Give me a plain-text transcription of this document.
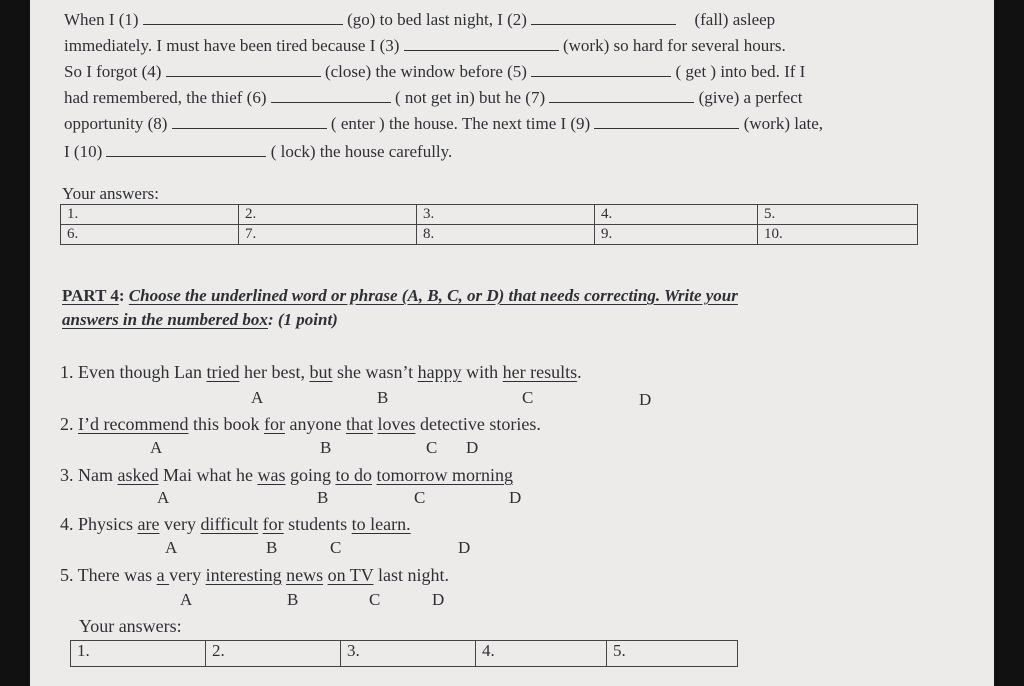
When I (1)	(go) to bed last night, I (2)	(fall) asleep
immediately. I must have been tired because I (3)	(work) so hard for several hours.
So I forgot (4)	(close) the window before (5)	( get ) into bed. If I
had remembered, the thief (6)	( not get in) but he (7)	(give) a perfect
opportunity (8)	( enter ) the house. The next time I (9)	(work) late,
I (10)	( lock) the house carefully.
Your answers:
1.	2.	3.	4.	5.
6.	7.	8.	9.	10.
PART 4: Choose the underlined word or phrase (A, B, C, or D) that needs correcting. Write your
answers in the numbered box: (1 point)
1. Even though Lan tried her best, but she wasn’t happy with her results.
A	B	C	D
2. I’d recommend this book for anyone that loves detective stories.
A	B	C D
3. Nam asked Mai what he was going to do tomorrow morning
A	B	C	D
4. Physics are very difficult for students to learn.
A	B	C	D
5. There was a very interesting news on TV last night.
A	B	C	D
Your answers:
1.	2.	3.	4.	5.
